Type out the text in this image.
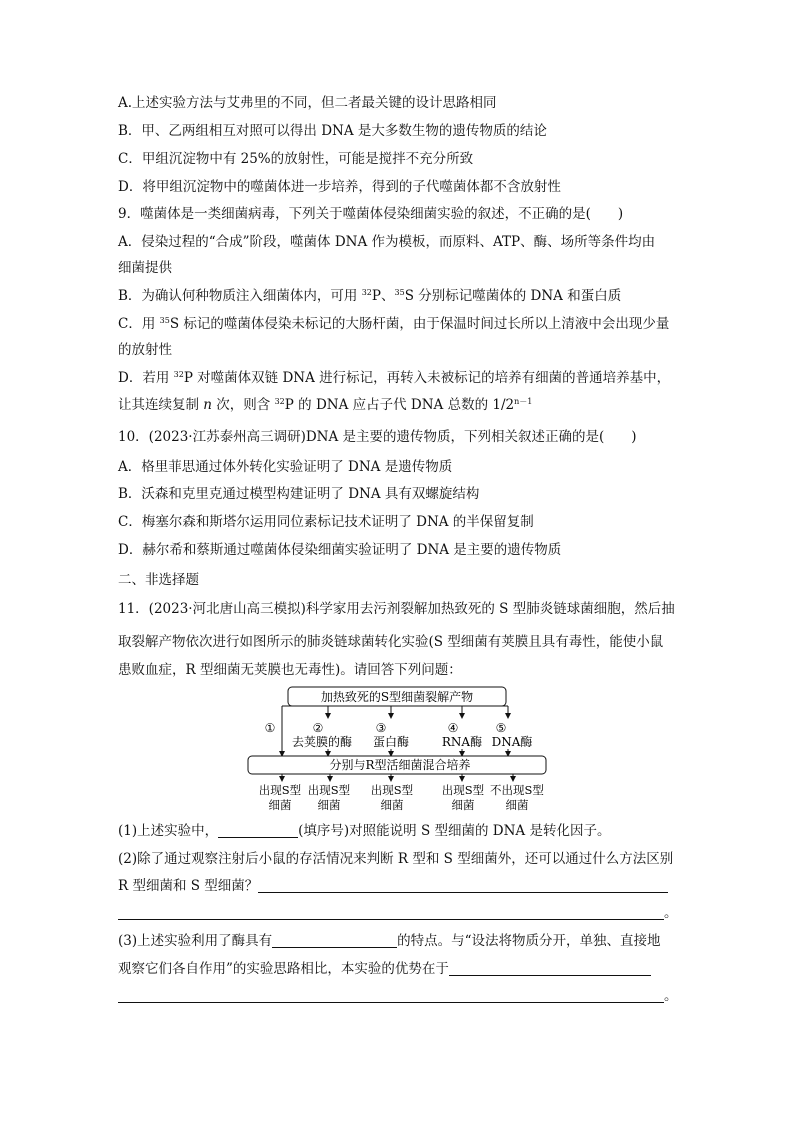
A.上述实验方法与艾弗里的不同，但二者最关键的设计思路相同
B．甲、乙两组相互对照可以得出 DNA 是大多数生物的遗传物质的结论
C．甲组沉淀物中有 25%的放射性，可能是搅拌不充分所致
D．将甲组沉淀物中的噬菌体进一步培养，得到的子代噬菌体都不含放射性
9．噬菌体是一类细菌病毒，下列关于噬菌体侵染细菌实验的叙述，不正确的是(　　)
A．侵染过程的“合成”阶段，噬菌体 DNA 作为模板，而原料、ATP、酶、场所等条件均由
细菌提供
B．为确认何种物质注入细菌体内，可用 $^{32}$P、$^{35}$S 分别标记噬菌体的 DNA 和蛋白质
C．用 $^{35}$S 标记的噬菌体侵染未标记的大肠杆菌，由于保温时间过长所以上清液中会出现少量
的放射性
D．若用 $^{32}$P 对噬菌体双链 DNA 进行标记，再转入未被标记的培养有细菌的普通培养基中，
让其连续复制 n 次，则含 $^{32}$P 的 DNA 应占子代 DNA 总数的 $1/2^{n-1}$
10．(2023·江苏泰州高三调研)DNA 是主要的遗传物质，下列相关叙述正确的是(　　)
A．格里菲思通过体外转化实验证明了 DNA 是遗传物质
B．沃森和克里克通过模型构建证明了 DNA 具有双螺旋结构
C．梅塞尔森和斯塔尔运用同位素标记技术证明了 DNA 的半保留复制
D．赫尔希和蔡斯通过噬菌体侵染细菌实验证明了 DNA 是主要的遗传物质
二、非选择题
11．(2023·河北唐山高三模拟)科学家用去污剂裂解加热致死的 S 型肺炎链球菌细胞，然后抽
取裂解产物依次进行如图所示的肺炎链球菌转化实验(S 型细菌有荚膜且具有毒性，能使小鼠
患败血症，R 型细菌无荚膜也无毒性)。请回答下列问题：
加热致死的S型细菌裂解产物
①	②	③	④	⑤
去荚膜的酶 蛋白酶	RNA酶 DNA酶
分别与R型活细菌混合培养
出现S型
细菌
出现S型
细菌
出现S型
细菌
出现S型
细菌
不出现S型
细菌
(1)上述实验中，	(填序号)对照能说明 S 型细菌的 DNA 是转化因子。
(2)除了通过观察注射后小鼠的存活情况来判断 R 型和 S 型细菌外，还可以通过什么方法区别
R 型细菌和 S 型细菌？
。
(3)上述实验利用了酶具有	的特点。与“设法将物质分开，单独、直接地
观察它们各自作用”的实验思路相比，本实验的优势在于
。
